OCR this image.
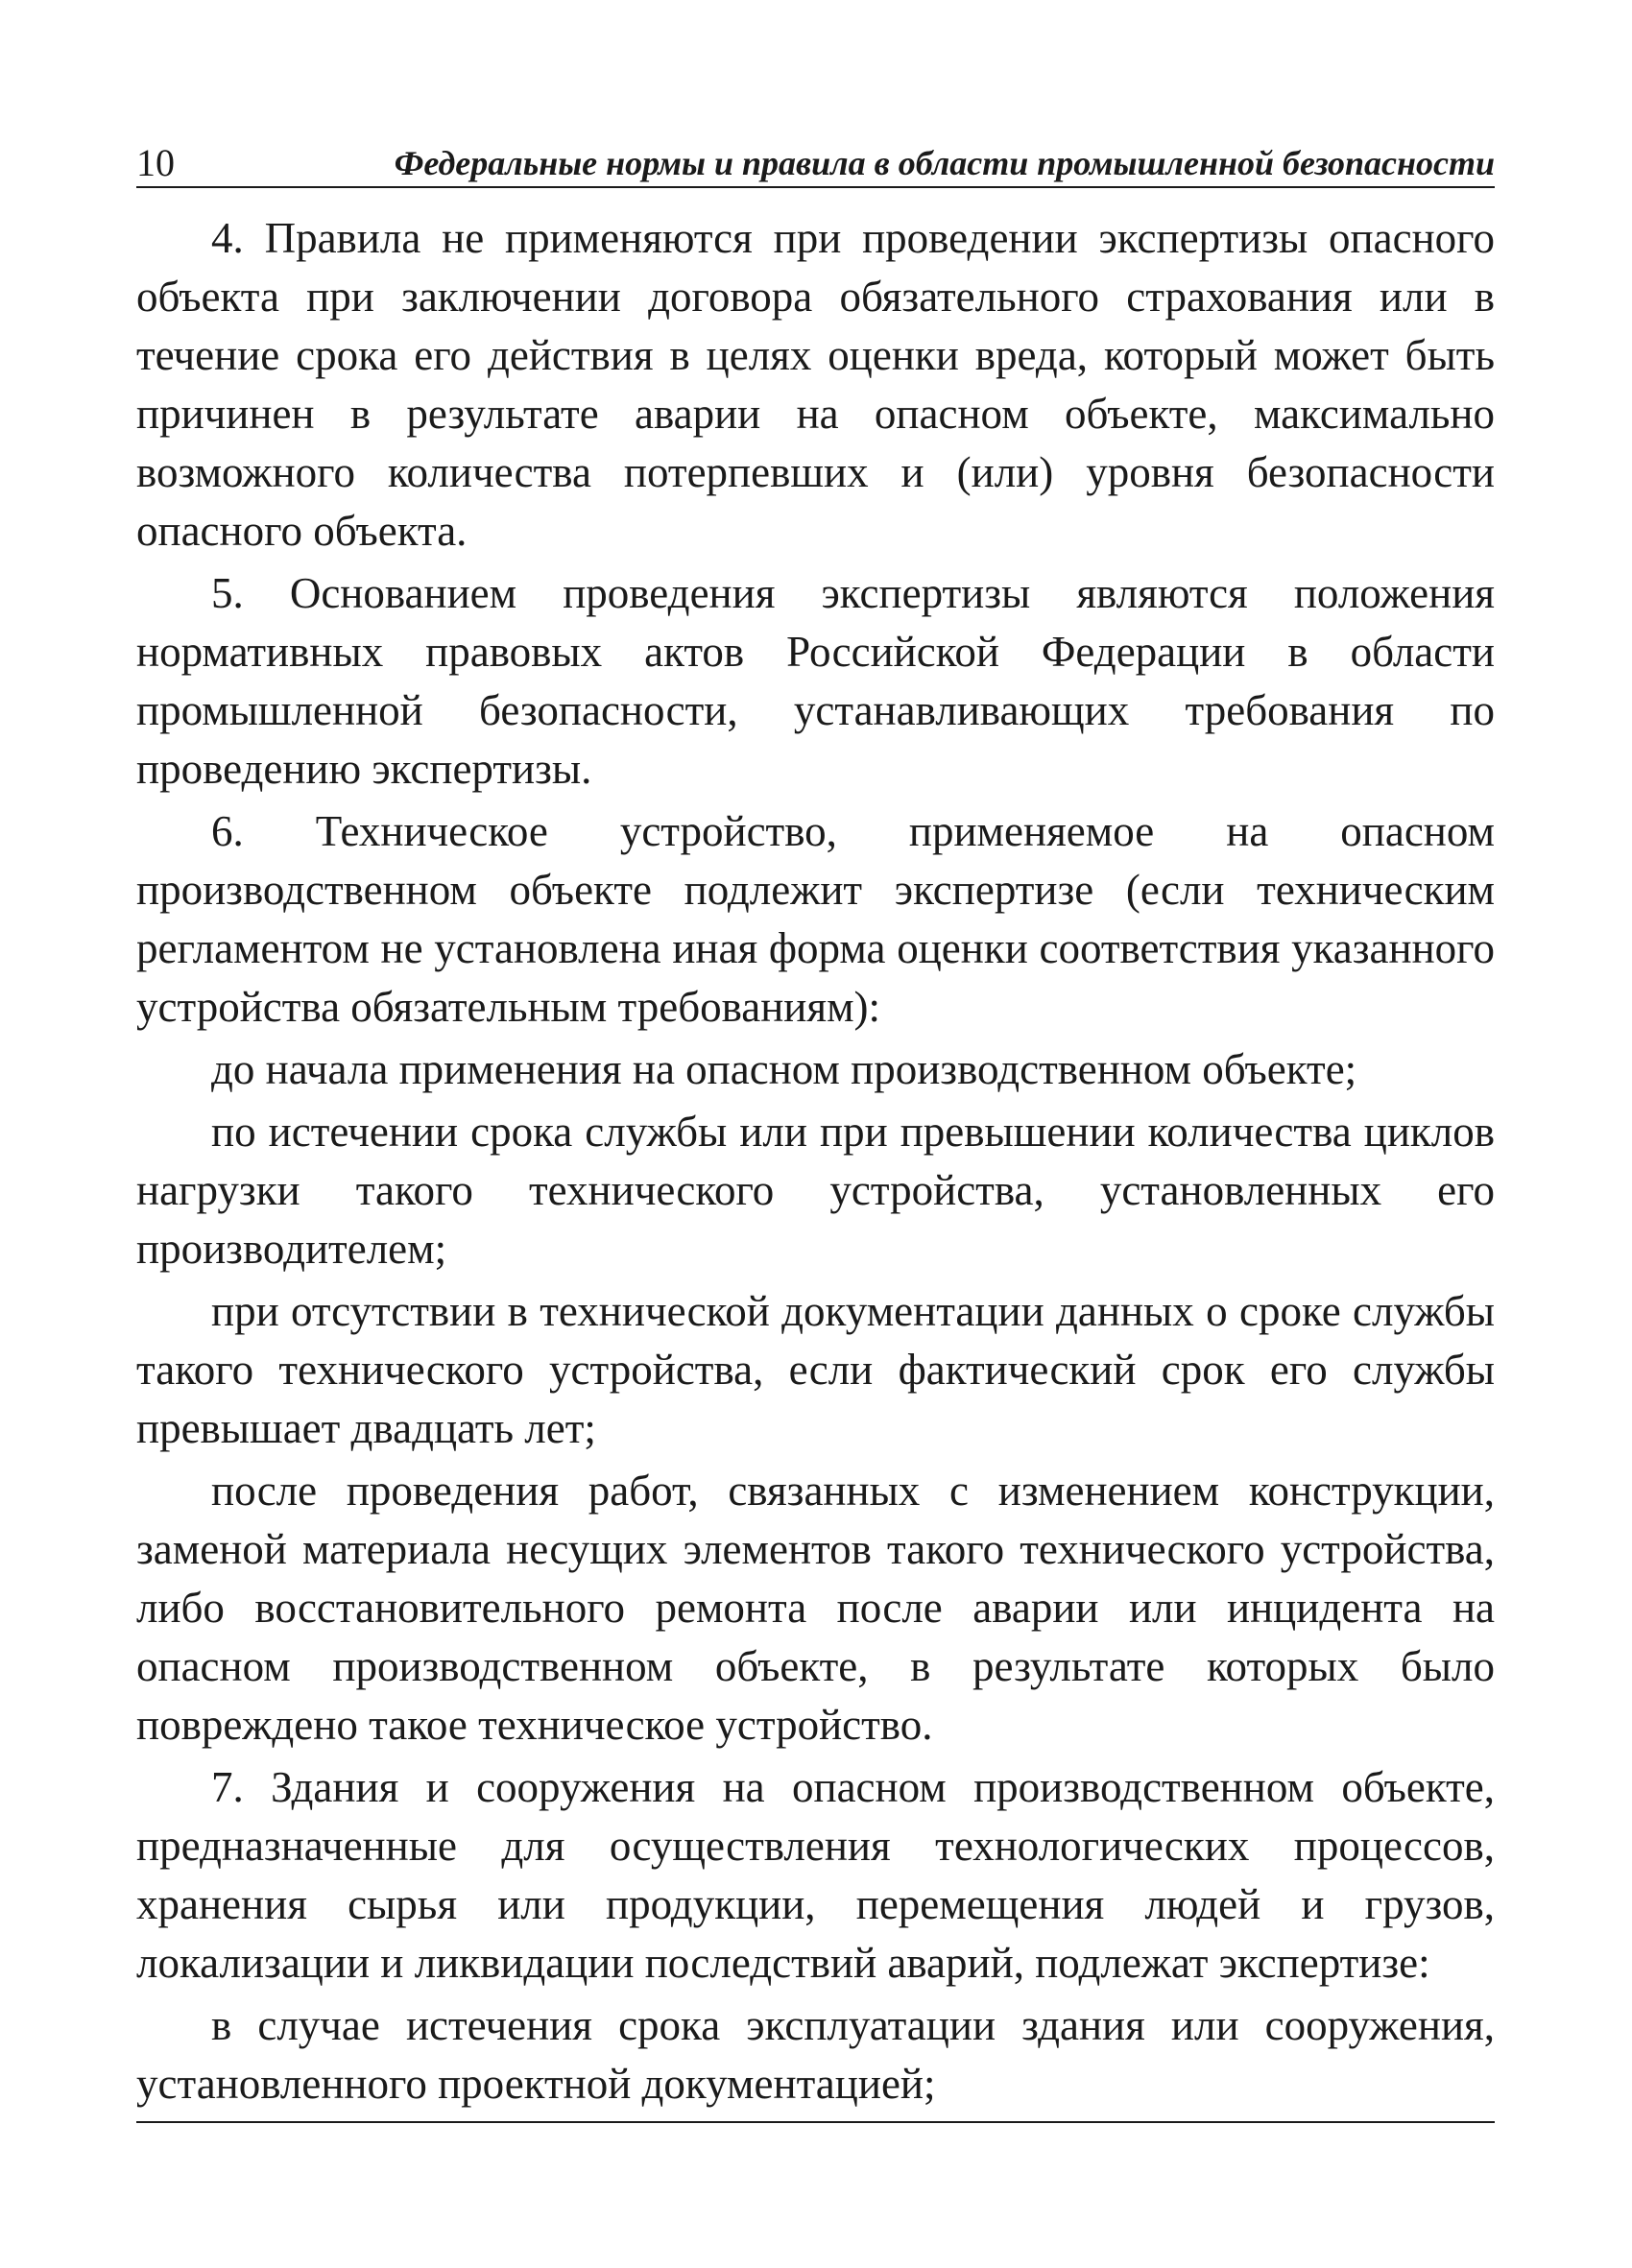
10	Федеральные нормы и правила в области промышленной безопасности

4. Правила не применяются при проведении экспертизы опасного объекта при заключении договора обязательного страхования или в течение срока его действия в целях оценки вреда, который может быть причинен в результате аварии на опасном объекте, максимально возможного количества потерпевших и (или) уровня безопасности опасного объекта.

5. Основанием проведения экспертизы являются положения нормативных правовых актов Российской Федерации в области промышленной безопасности, устанавливающих требования по проведению экспертизы.

6. Техническое устройство, применяемое на опасном производственном объекте подлежит экспертизе (если техническим регламентом не установлена иная форма оценки соответствия указанного устройства обязательным требованиям):

до начала применения на опасном производственном объекте;

по истечении срока службы или при превышении количества циклов нагрузки такого технического устройства, установленных его производителем;

при отсутствии в технической документации данных о сроке службы такого технического устройства, если фактический срок его службы превышает двадцать лет;

после проведения работ, связанных с изменением конструкции, заменой материала несущих элементов такого технического устройства, либо восстановительного ремонта после аварии или инцидента на опасном производственном объекте, в результате которых было повреждено такое техническое устройство.

7. Здания и сооружения на опасном производственном объекте, предназначенные для осуществления технологических процессов, хранения сырья или продукции, перемещения людей и грузов, локализации и ликвидации последствий аварий, подлежат экспертизе:

в случае истечения срока эксплуатации здания или сооружения, установленного проектной документацией;
